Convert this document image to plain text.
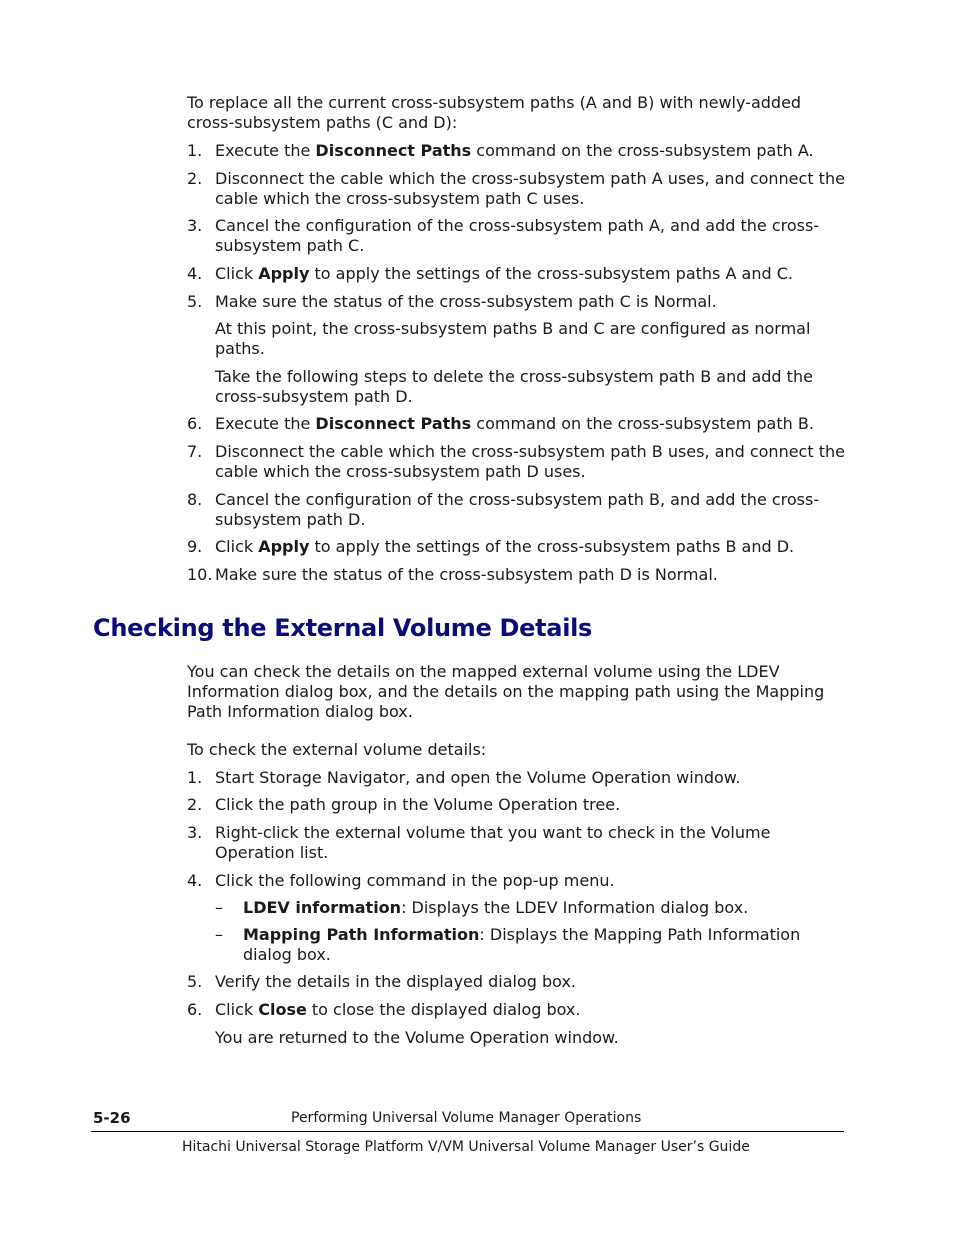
To replace all the current cross-subsystem paths (A and B) with newly-added cross-subsystem paths (C and D):

1. Execute the Disconnect Paths command on the cross-subsystem path A.
2. Disconnect the cable which the cross-subsystem path A uses, and connect the cable which the cross-subsystem path C uses.
3. Cancel the configuration of the cross-subsystem path A, and add the cross-subsystem path C.
4. Click Apply to apply the settings of the cross-subsystem paths A and C.
5. Make sure the status of the cross-subsystem path C is Normal.

At this point, the cross-subsystem paths B and C are configured as normal paths.

Take the following steps to delete the cross-subsystem path B and add the cross-subsystem path D.

6. Execute the Disconnect Paths command on the cross-subsystem path B.
7. Disconnect the cable which the cross-subsystem path B uses, and connect the cable which the cross-subsystem path D uses.
8. Cancel the configuration of the cross-subsystem path B, and add the cross-subsystem path D.
9. Click Apply to apply the settings of the cross-subsystem paths B and D.
10. Make sure the status of the cross-subsystem path D is Normal.
Checking the External Volume Details

You can check the details on the mapped external volume using the LDEV Information dialog box, and the details on the mapping path using the Mapping Path Information dialog box.

To check the external volume details:

1. Start Storage Navigator, and open the Volume Operation window.
2. Click the path group in the Volume Operation tree.
3. Right-click the external volume that you want to check in the Volume Operation list.
4. Click the following command in the pop-up menu.
– LDEV information: Displays the LDEV Information dialog box.
– Mapping Path Information: Displays the Mapping Path Information dialog box.
5. Verify the details in the displayed dialog box.
6. Click Close to close the displayed dialog box.

You are returned to the Volume Operation window.

5-26	Performing Universal Volume Manager Operations
Hitachi Universal Storage Platform V/VM Universal Volume Manager User’s Guide
